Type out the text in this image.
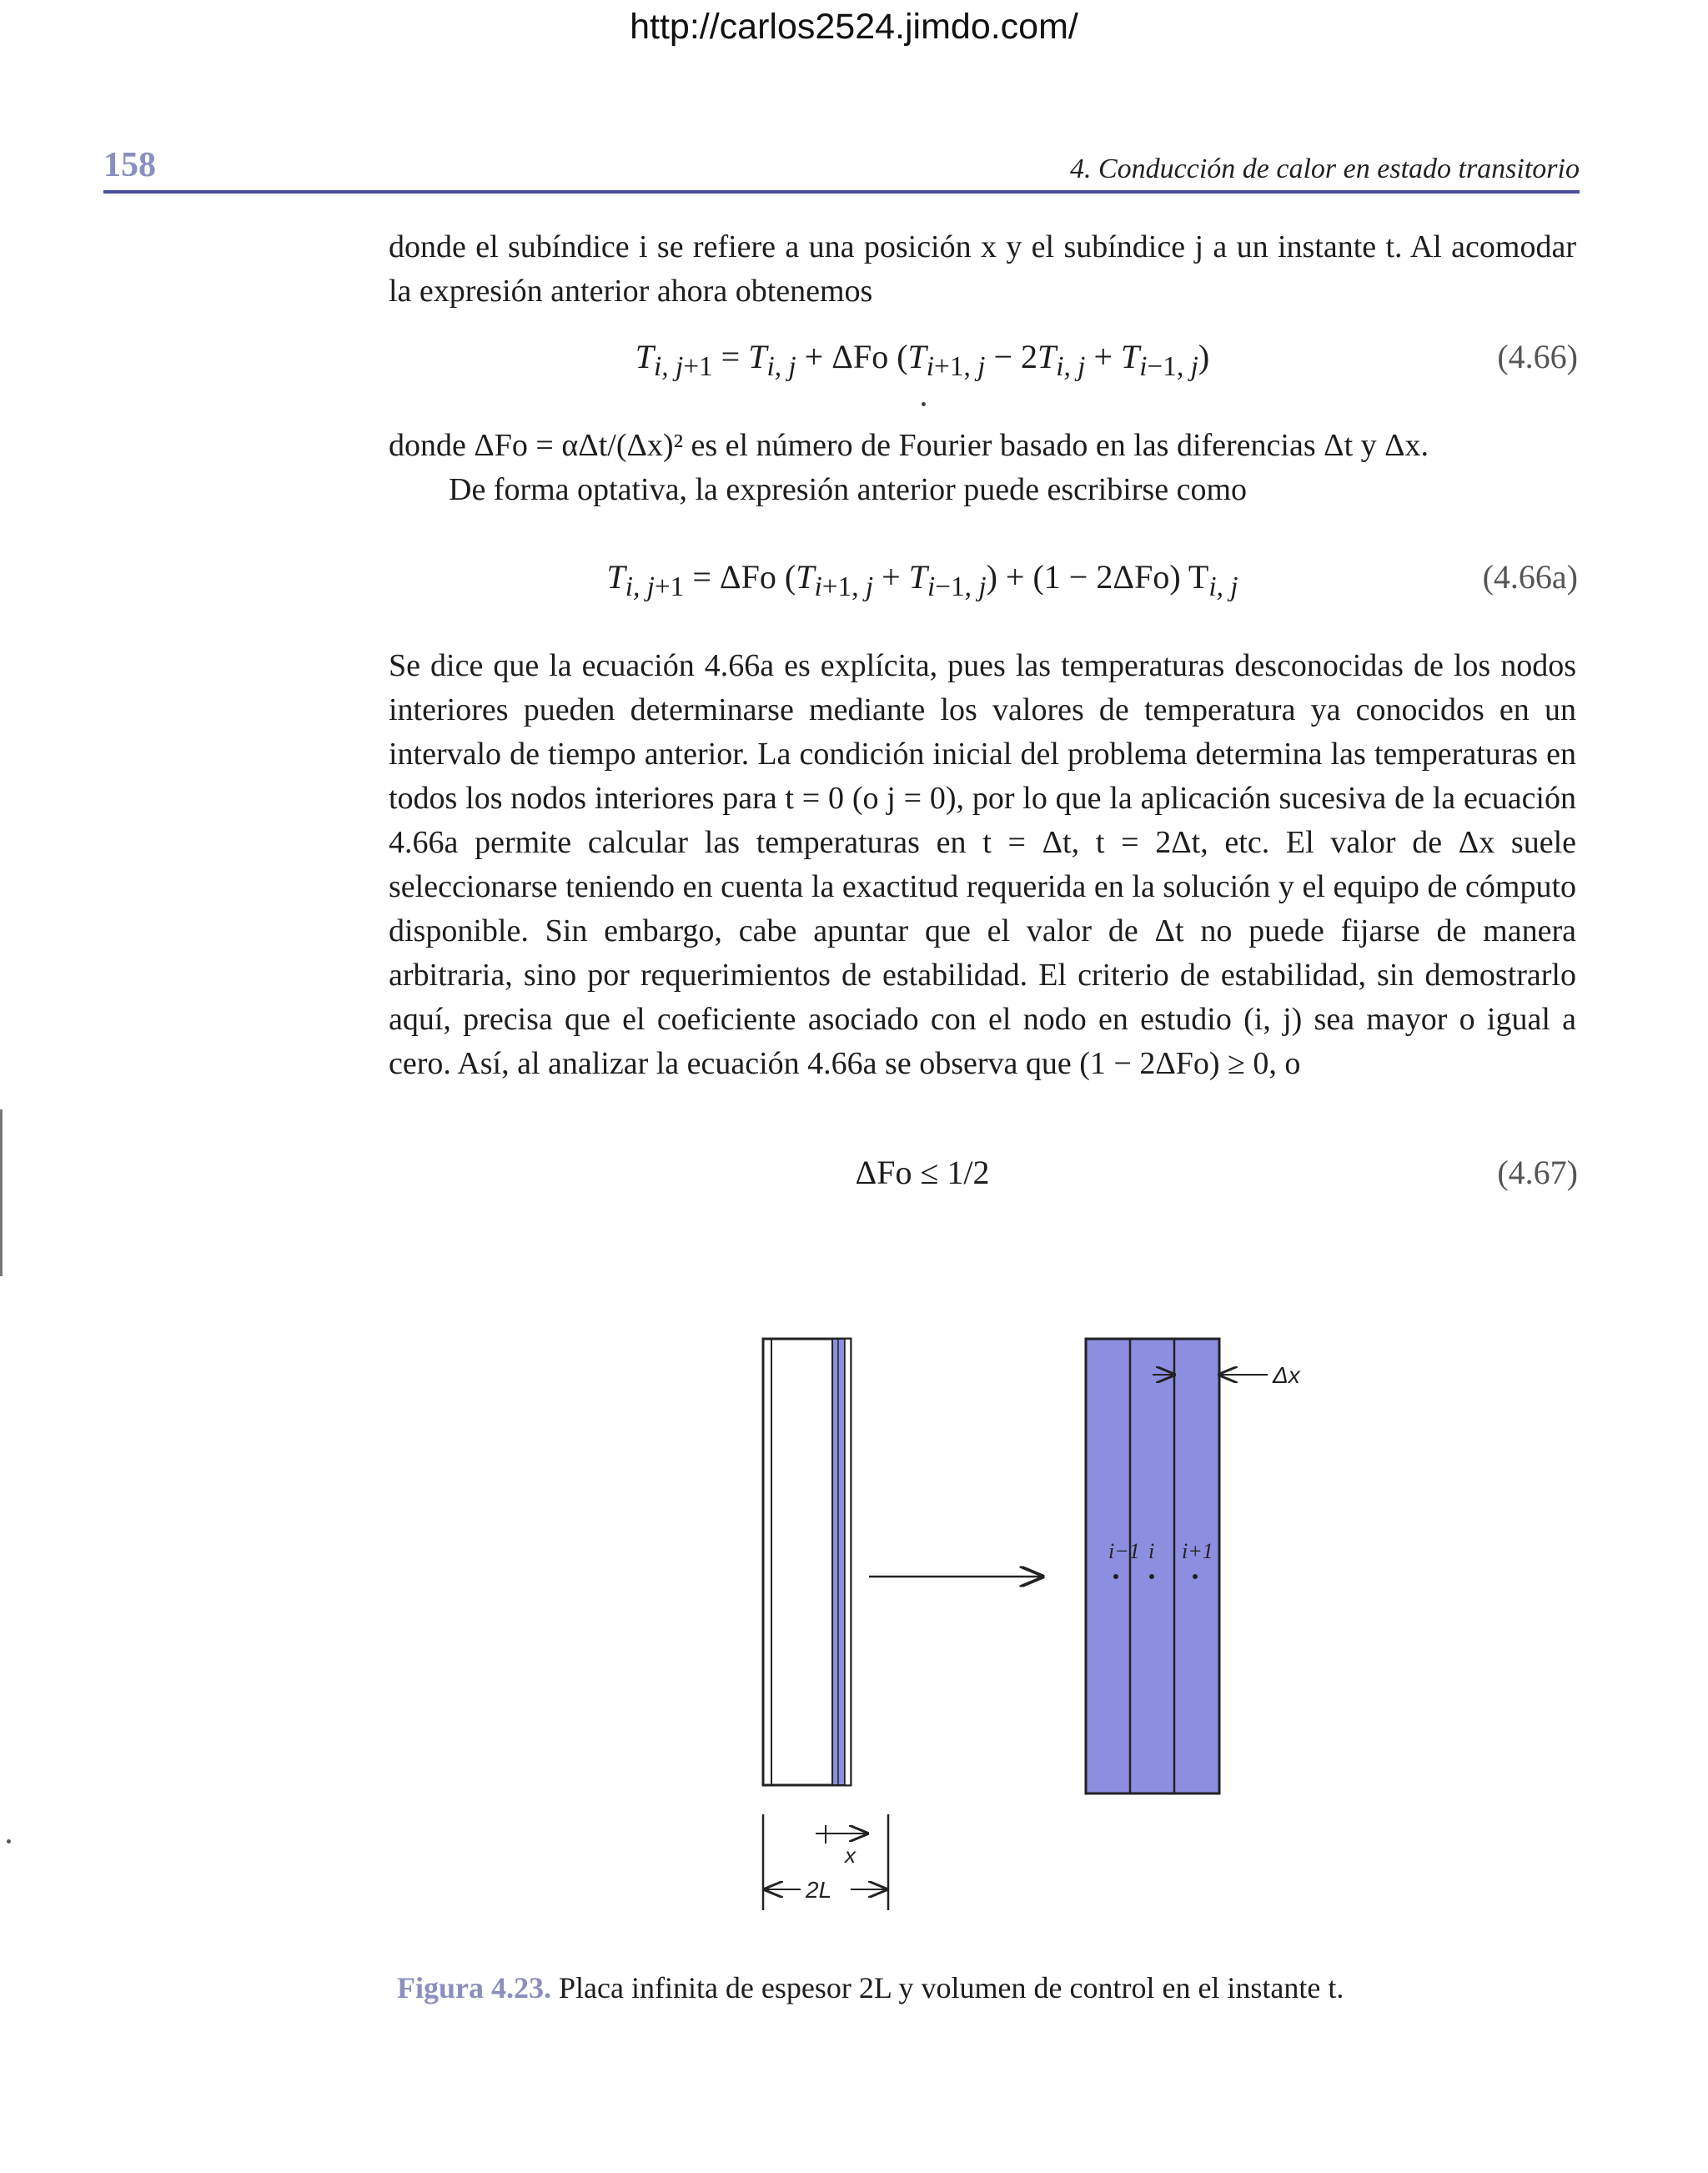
http://carlos2524.jimdo.com/
158	4. Conducción de calor en estado transitorio
donde el subíndice i se refiere a una posición x y el subíndice j a un instante t. Al acomodar la expresión anterior ahora obtenemos
$T_{i, j+1} = T_{i, j} + \Delta Fo$ $(T_{i+1, j} - 2T_{i, j} + T_{i-1, j})$	(4.66)

donde ΔFo = αΔt/(Δx)² es el número de Fourier basado en las diferencias Δt y Δx.

De forma optativa, la expresión anterior puede escribirse como

$T_{i, j+1} = \Delta Fo$ $(T_{i+1, j} + T_{i-1, j}) + (1 - 2\Delta Fo)$ $T_{i, j}$	(4.66a)
Se dice que la ecuación 4.66a es explícita, pues las temperaturas desconocidas de los nodos interiores pueden determinarse mediante los valores de temperatura ya conocidos en un intervalo de tiempo anterior. La condición inicial del problema determina las temperaturas en todos los nodos interiores para t = 0 (o j = 0), por lo que la aplicación sucesiva de la ecuación 4.66a permite calcular las temperaturas en t = Δt, t = 2Δt, etc. El valor de Δx suele seleccionarse teniendo en cuenta la exactitud requerida en la solución y el equipo de cómputo disponible. Sin embargo, cabe apuntar que el valor de Δt no puede fijarse de manera arbitraria, sino por requerimientos de estabilidad. El criterio de estabilidad, sin demostrarlo aquí, precisa que el coeficiente asociado con el nodo en estudio (i, j) sea mayor o igual a cero. Así, al analizar la ecuación 4.66a se observa que (1 − 2ΔFo) ≥ 0, o
ΔFo ≤ 1/2	(4.67)
i−1 i i+1
Δx
x
2L
Figura 4.23. Placa infinita de espesor 2L y volumen de control en el instante t.
